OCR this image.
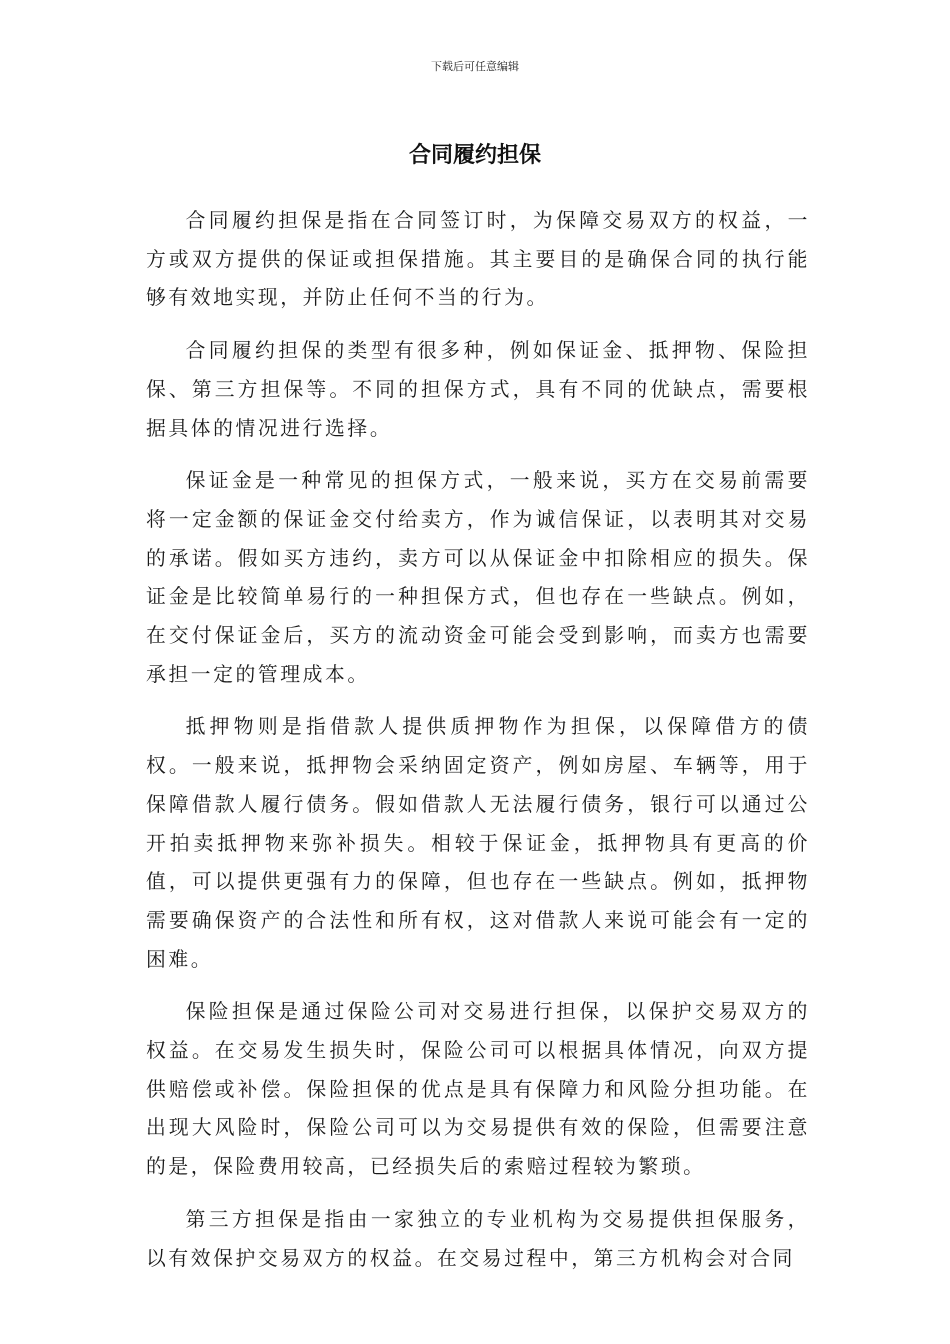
下载后可任意编辑
合同履约担保

合同履约担保是指在合同签订时，为保障交易双方的权益，一方或双方提供的保证或担保措施。其主要目的是确保合同的执行能够有效地实现，并防止任何不当的行为。

合同履约担保的类型有很多种，例如保证金、抵押物、保险担保、第三方担保等。不同的担保方式，具有不同的优缺点，需要根据具体的情况进行选择。

保证金是一种常见的担保方式，一般来说，买方在交易前需要将一定金额的保证金交付给卖方，作为诚信保证，以表明其对交易的承诺。假如买方违约，卖方可以从保证金中扣除相应的损失。保证金是比较简单易行的一种担保方式，但也存在一些缺点。例如，在交付保证金后，买方的流动资金可能会受到影响，而卖方也需要承担一定的管理成本。

抵押物则是指借款人提供质押物作为担保，以保障借方的债权。一般来说，抵押物会采纳固定资产，例如房屋、车辆等，用于保障借款人履行债务。假如借款人无法履行债务，银行可以通过公开拍卖抵押物来弥补损失。相较于保证金，抵押物具有更高的价值，可以提供更强有力的保障，但也存在一些缺点。例如，抵押物需要确保资产的合法性和所有权，这对借款人来说可能会有一定的困难。

保险担保是通过保险公司对交易进行担保，以保护交易双方的权益。在交易发生损失时，保险公司可以根据具体情况，向双方提供赔偿或补偿。保险担保的优点是具有保障力和风险分担功能。在出现大风险时，保险公司可以为交易提供有效的保险，但需要注意的是，保险费用较高，已经损失后的索赔过程较为繁琐。

第三方担保是指由一家独立的专业机构为交易提供担保服务，以有效保护交易双方的权益。在交易过程中，第三方机构会对合同
